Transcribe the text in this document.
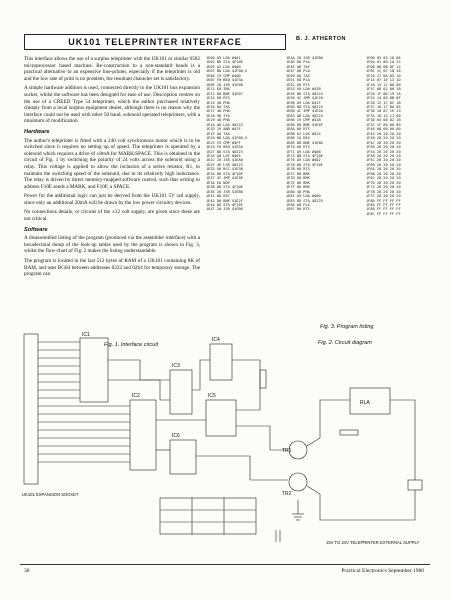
UK101 TELEPRINTER INTERFACE	B. J. ATHERTON

This interface allows the use of a surplus teleprinter with the UK101 or similar 6502 microprocessor based machine. Re-construction to a non-standard bauds is a practical alternative to an expensive line-printer, especially if the teleprinter is old and the low rate of print is no problem, the resultant character set is satisfactory.

A simple hardware addition is used, connected directly to the UK101 bus expansion socket, whilst the software has been designed for ease of use. Description centres on the use of a CREED Type 54 teleprinter, which the author purchased relatively cheaply from a local surplus equipment dealer, although there is no reason why the interface could not be used with other 50 baud, solenoid operated teleprinters, with a minimum of modification.

Hardware

The author's teleprinter is fitted with a 240 volt synchronous motor which is to be switched since it requires no setting up of speed. The teleprinter is operated by a solenoid which requires a drive of ±8mA for MARK/SPACE. This is obtained in the circuit of Fig. 1 by switching the polarity of 24 volts across the solenoid using a relay. This voltage is applied to allow the inclusion of a series resistor, R1, to maintain the switching speed of the solenoid, due to its relatively high inductance. The relay is driven by direct memory-mapped software control, such that writing to address F10E sends a MARK, and F10F, a SPACE.

Power for the additional logic can just be derived from the UK101 5V rail supply, since only an additional 20mA will be drawn by the low power circuitry devices.

No connections details, or circuits of the ±12 volt supply, are given since these are not critical.

Software

A disassembled listing of the program (produced via the assembler interface) with a hexadecimal dump of the look-up tables used by the program is shown in Fig. 3, whilst the flow-chart of Fig. 2 makes the listing understandable.

The program is located in the last 512 bytes of RAM of a UK101 containing 8K of RAM, and uses BG84 between addresses 0222 and 0264 for temporary storage. The program can

1E00 A9 LDA #$01
1E02 8D STA $F10E
1E05 A2 LDX #$00
1E07 BD LDA $1F00,X
1E0A C9 CMP #$0D
1E0C F0 BEQ $1E3A
1E0E 20 JSR $1E80
1E11 E8 INX
1E12 D0 BNE $1E07
1E14 60 RTS
1E15 48 PHA
1E16 8A TXA
1E17 48 PHA
1E18 98 TYA
1E19 48 PHA
1E1A AD LDA $0222
1E1D 29 AND #$7F
1E1F AA TAX
1E20 BD LDA $1F80,X
1E23 C9 CMP #$FF
1E25 F0 BEQ $1E5A
1E27 8D STA $0223
1E2A A0 LDY #$05
1E2C 20 JSR $1EA0
1E2F 4E LSR $0223
1E32 90 BCC $1E3B
1E34 8D STA $F10F
1E37 4C JMP $1E3E
1E3A EA NOP
1E3B 8D STA $F10E
1E3E 20 JSR $1EB0
1E41 88 DEY
1E42 D0 BNE $1E2F
1E44 8D STA $F10F
1E47 20 JSR $1EB0
1E4A 20 JSR $1EB0
1E4D 68 PLA
1E4E A8 TAY
1E4F 68 PLA
1E50 AA TAX
1E51 68 PLA
1E52 60 RTS
1E53 A9 LDA #$1B
1E55 8D STA $0224
1E58 4C JMP $1E2A
1E5B A9 LDA #$1F
1E5D 8D STA $0224
1E60 4C JMP $1E2A
1E63 AD LDA $0224
1E66 C9 CMP #$1B
1E68 D0 BNE $1E6F
1E6A 60 RTS
1E6B A2 LDX #$14
1E6D CA DEX
1E6E D0 BNE $1E6D
1E70 60 RTS
1E71 A9 LDA #$08
1E73 8D STA $F10E
1E76 A9 LDA #$02
1E78 8D STA $F10F
1E7B 60 RTS
1E7C 00 BRK
1E7D 00 BRK
1E7E 00 BRK
1E7F 00 BRK
1E80 48 PHA
1E81 A9 LDA #$00
1E83 8D STA $0225
1E86 68 PLA
1E87 60 RTS
1F00 05 03 18 0E
1F04 01 0D 1A 14
1F08 06 0B 0F 12
1F0C 1C 0C 18 16
1F10 17 0A 05 10
1F14 07 1E 13 1D
1F18 15 11 00 00
1F1C 08 02 00 1B
1F20 1F 0D 19 1A
1F24 14 06 0B 0F
1F28 12 1C 0C 18
1F2C 16 17 0A 05
1F30 10 07 1E 13
1F34 1D 15 11 00
1F38 04 08 02 1B
1F3C 1F 00 00 00
1F40 00 00 00 00
1F44 20 20 20 20
1F48 20 20 20 20
1F4C 20 20 20 20
1F50 20 20 20 20
1F54 20 20 20 20
1F58 20 20 20 20
1F5C 20 20 20 20
1F60 20 20 20 20
1F64 20 20 20 20
1F68 20 20 20 20
1F6C 20 20 20 20
1F70 20 20 20 20
1F74 20 20 20 20
1F78 20 20 20 20
1F7C 20 20 20 20
1F80 FF FF FF FF
1F84 FF FF FF FF
1F88 FF FF FF FF
1F8C FF FF FF FF
Fig. 3. Program listing
IC1
IC2
IC3
IC4
IC5
IC6
TR1
TR2
RLA
15V TO 24V TELEPRINTER EXTERNAL SUPPLY
UK101 EXPANSION SOCKET
Fig. 1. Interface circuit	Fig. 2. Circuit diagram
38	Practical Electronics September 1980
